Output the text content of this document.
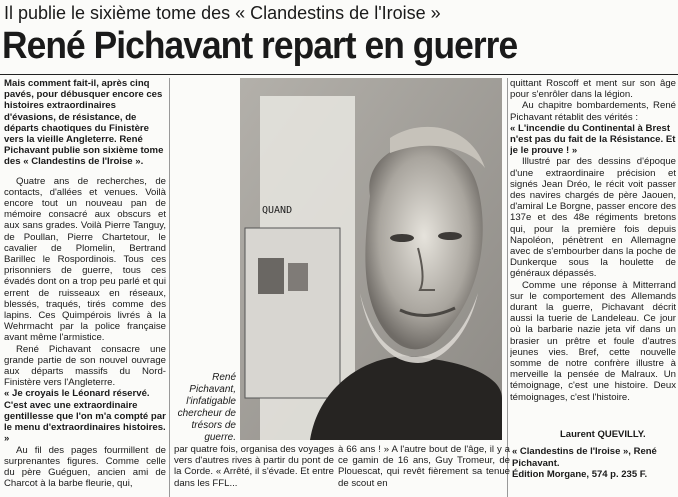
Il publie le sixième tome des « Clandestins de l'Iroise »
René Pichavant repart en guerre

Mais comment fait-il, après cinq pavés, pour débusquer encore ces histoires extraordinaires d'évasions, de résistance, de départs chaotiques du Finistère vers la vieille Angleterre. René Pichavant publie son sixième tome des « Clandestins de l'Iroise ».

Quatre ans de recherches, de contacts, d'allées et venues. Voilà encore tout un nouveau pan de mémoire consacré aux obscurs et aux sans grades. Voilà Pierre Tanguy, de Poullan, Pierre Chartetour, le cavalier de Plomelin, Bertrand Barillec le Rospordinois. Tous ces prisonniers de guerre, tous ces évadés dont on a trop peu parlé et qui errent de ruisseaux en réseaux, blessés, traqués, tirés comme des lapins. Ces Quimpérois livrés à la Wehrmacht par la police française avant même l'armistice.

René Pichavant consacre une grande partie de son nouvel ouvrage aux départs massifs du Nord-Finistère vers l'Angleterre.

« Je croyais le Léonard réservé. C'est avec une extraordinaire gentillesse que l'on m'a compté par le menu d'extraordinaires histoires. »

Au fil des pages fourmillent de surprenantes figures. Comme celle du père Guéguen, ancien ami de Charcot à la barbe fleurie, qui,

QUAND
René Pichavant, l'infatigable chercheur de trésors de guerre.

par quatre fois, organisa des voyages vers d'autres rives à partir du pont de la Corde. « Arrêté, il s'évade. Et entre dans les FFL...

à 66 ans ! » A l'autre bout de l'âge, il y a ce gamin de 16 ans, Guy Tromeur, de Plouescat, qui revêt fièrement sa tenue de scout en

quittant Roscoff et ment sur son âge pour s'enrôler dans la légion.

Au chapitre bombardements, René Pichavant rétablit des vérités :

« L'incendie du Continental à Brest n'est pas du fait de la Résistance. Et je le prouve ! »

Illustré par des dessins d'époque d'une extraordinaire précision et signés Jean Dréo, le récit voit passer des navires chargés de père Jaouen, d'amiral Le Borgne, passer encore des 137e et des 48e régiments bretons qui, pour la première fois depuis Napoléon, pénètrent en Allemagne avec de s'embourber dans la poche de Dunkerque sous la houlette de généraux dépassés.

Comme une réponse à Mitterrand sur le comportement des Allemands durant la guerre, Pichavant décrit aussi la tuerie de Landeleau. Ce jour où la barbarie nazie jeta vif dans un brasier un prêtre et foule d'autres jeunes vies. Bref, cette nouvelle somme de notre confrère illustre à merveille la pensée de Malraux. Un témoignage, c'est une histoire. Deux témoignages, c'est l'histoire.

Laurent QUEVILLY.
« Clandestins de l'Iroise », René Pichavant.
Édition Morgane, 574 p. 235 F.
